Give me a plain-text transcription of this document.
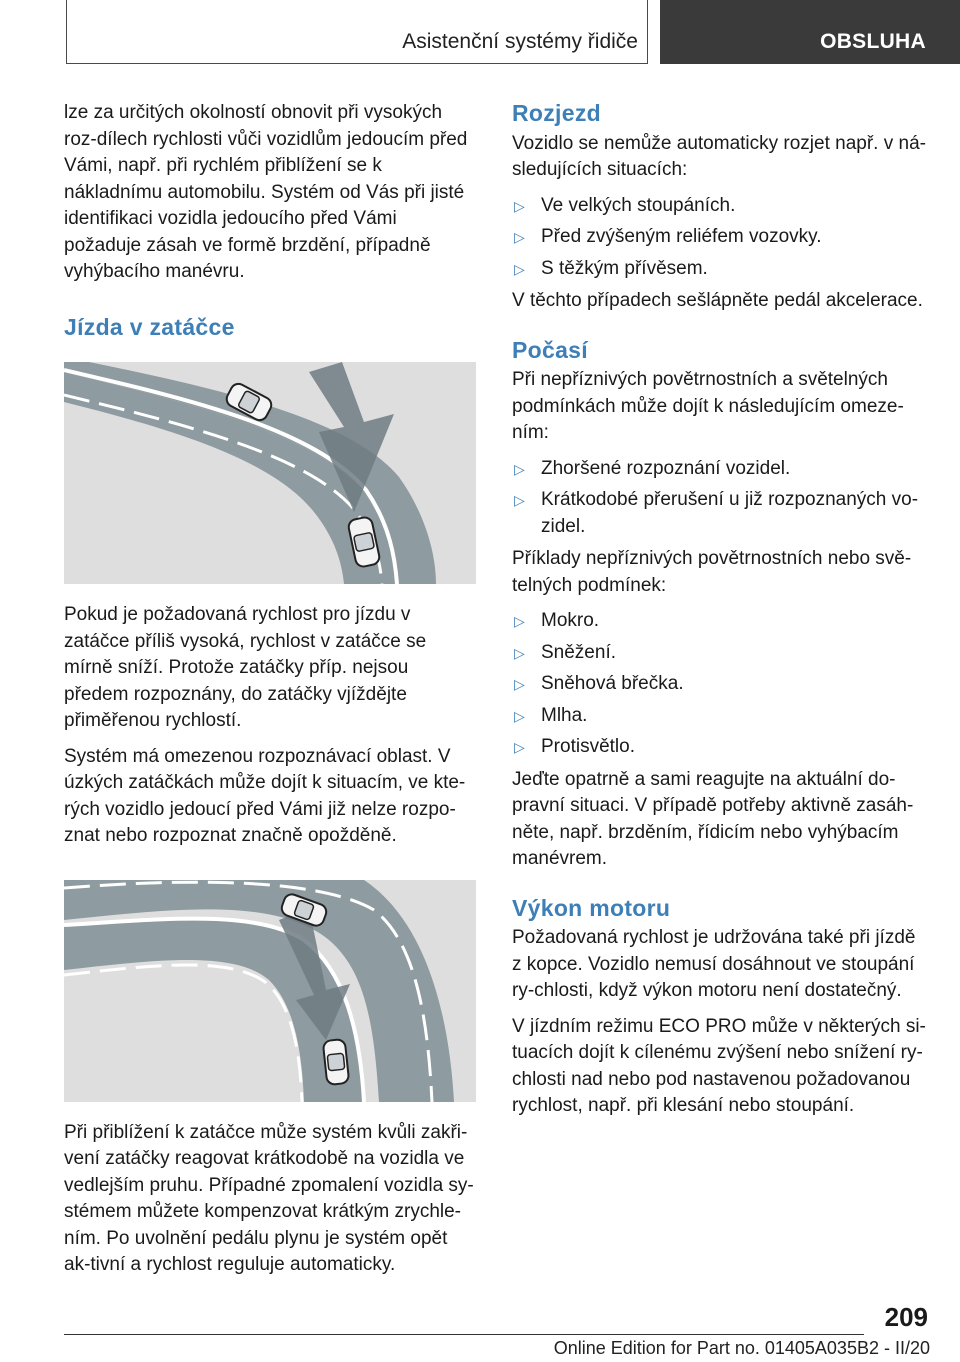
Asistenční systémy řidiče	OBSLUHA

lze za určitých okolností obnovit při vysokých roz-dílech rychlosti vůči vozidlům jedoucím před Vámi, např. při rychlém přiblížení se k nákladnímu automobilu. Systém od Vás při jisté identifikaci vozidla jedoucího před Vámi požaduje zásah ve formě brzdění, případně vyhýbacího manévru.

Jízda v zatáčce

Pokud je požadovaná rychlost pro jízdu v zatáčce příliš vysoká, rychlost v zatáčce se mírně sníží. Protože zatáčky příp. nejsou předem rozpoznány, do zatáčky vjíždějte přiměřenou rychlostí.

Systém má omezenou rozpoznávací oblast. V úzkých zatáčkách může dojít k situacím, ve kte-rých vozidlo jedoucí před Vámi již nelze rozpo-znat nebo rozpoznat značně opožděně.

Při přiblížení k zatáčce může systém kvůli zakři-vení zatáčky reagovat krátkodobě na vozidla ve vedlejším pruhu. Případné zpomalení vozidla sy-stémem můžete kompenzovat krátkým zrychle-ním. Po uvolnění pedálu plynu je systém opět ak-tivní a rychlost reguluje automaticky.

Rozjezd

Vozidlo se nemůže automaticky rozjet např. v ná-sledujících situacích:

▷ Ve velkých stoupáních.
▷ Před zvýšeným reliéfem vozovky.
▷ S těžkým přívěsem.

V těchto případech sešlápněte pedál akcelerace.

Počasí

Při nepříznivých povětrnostních a světelných podmínkách může dojít k následujícím omeze-ním:

▷ Zhoršené rozpoznání vozidel.
▷ Krátkodobé přerušení u již rozpoznaných vo-zidel.

Příklady nepříznivých povětrnostních nebo svě-telných podmínek:

▷ Mokro.
▷ Sněžení.
▷ Sněhová břečka.
▷ Mlha.
▷ Protisvětlo.

Jeďte opatrně a sami reagujte na aktuální do-pravní situaci. V případě potřeby aktivně zasáh-něte, např. brzděním, řídicím nebo vyhýbacím manévrem.

Výkon motoru

Požadovaná rychlost je udržována také při jízdě z kopce. Vozidlo nemusí dosáhnout ve stoupání ry-chlosti, když výkon motoru není dostatečný.

V jízdním režimu ECO PRO může v některých si-tuacích dojít k cílenému zvýšení nebo snížení ry-chlosti nad nebo pod nastavenou požadovanou rychlost, např. při klesání nebo stoupání.

209
Online Edition for Part no. 01405A035B2 - II/20
